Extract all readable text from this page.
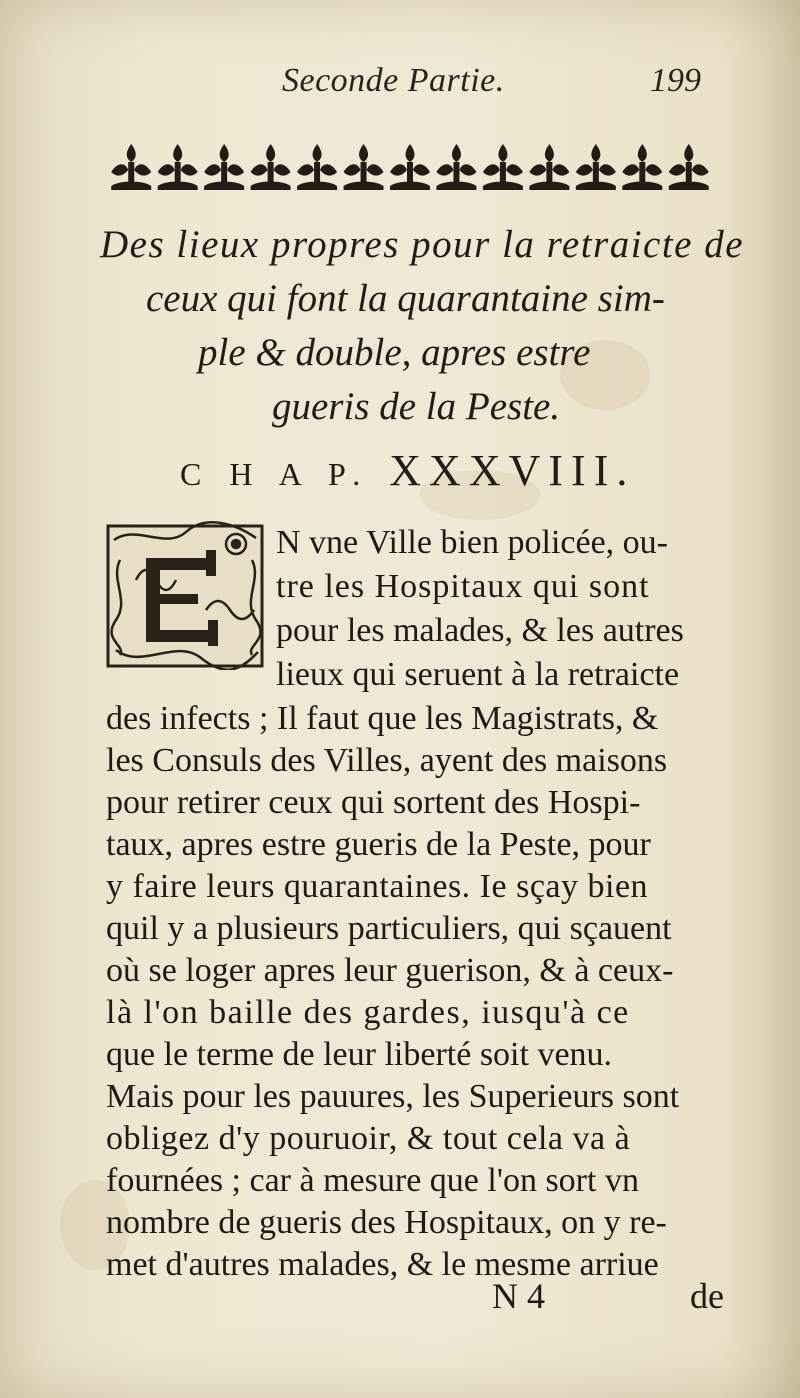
Seconde Partie.	199
Des lieux propres pour la retraicte de
ceux qui font la quarantaine sim-
ple & double, apres estre
gueris de la Peste.
C H A P. XXXVIII.
E
N vne Ville bien policée, ou-
tre les Hospitaux qui sont
pour les malades, & les autres
lieux qui seruent à la retraicte
des infects ; Il faut que les Magistrats, &
les Consuls des Villes, ayent des maisons
pour retirer ceux qui sortent des Hospi-
taux, apres estre gueris de la Peste, pour
y faire leurs quarantaines. Ie sçay bien
quil y a plusieurs particuliers, qui sçauent
où se loger apres leur guerison, & à ceux-
là l'on baille des gardes, iusqu'à ce
que le terme de leur liberté soit venu.
Mais pour les pauures, les Superieurs sont
obligez d'y pouruoir, & tout cela va à
fournées ; car à mesure que l'on sort vn
nombre de gueris des Hospitaux, on y re-
met d'autres malades, & le mesme arriue
N 4	de
